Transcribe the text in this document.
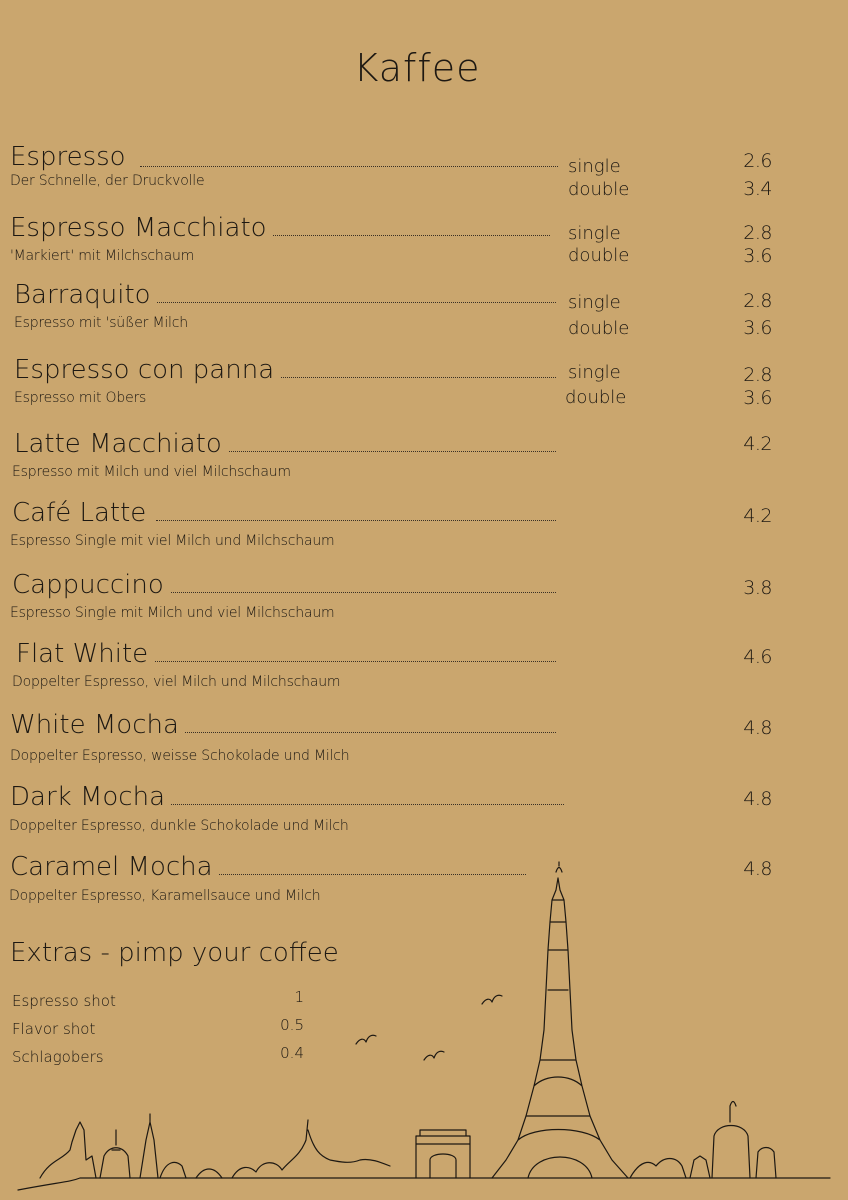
Kaffee
Espresso
Der Schnelle, der Druckvolle
single	2.6
double	3.4
Espresso Macchiato
'Markiert' mit Milchschaum
single	2.8
double	3.6
Barraquito
Espresso mit 'süßer Milch
single	2.8
double	3.6
Espresso con panna
Espresso mit Obers
single	2.8
double	3.6
Latte Macchiato
Espresso mit Milch und viel Milchschaum
4.2
Café Latte
Espresso Single mit viel Milch und Milchschaum
4.2
Cappuccino
Espresso Single mit Milch und viel Milchschaum
3.8
Flat White
Doppelter Espresso, viel Milch und Milchschaum
4.6
White Mocha
Doppelter Espresso, weisse Schokolade und Milch
4.8
Dark Mocha
Doppelter Espresso, dunkle Schokolade und Milch
4.8
Caramel Mocha
Doppelter Espresso, Karamellsauce und Milch
4.8
Extras - pimp your coffee
Espresso shot	1
Flavor shot	0.5
Schlagobers	0.4
